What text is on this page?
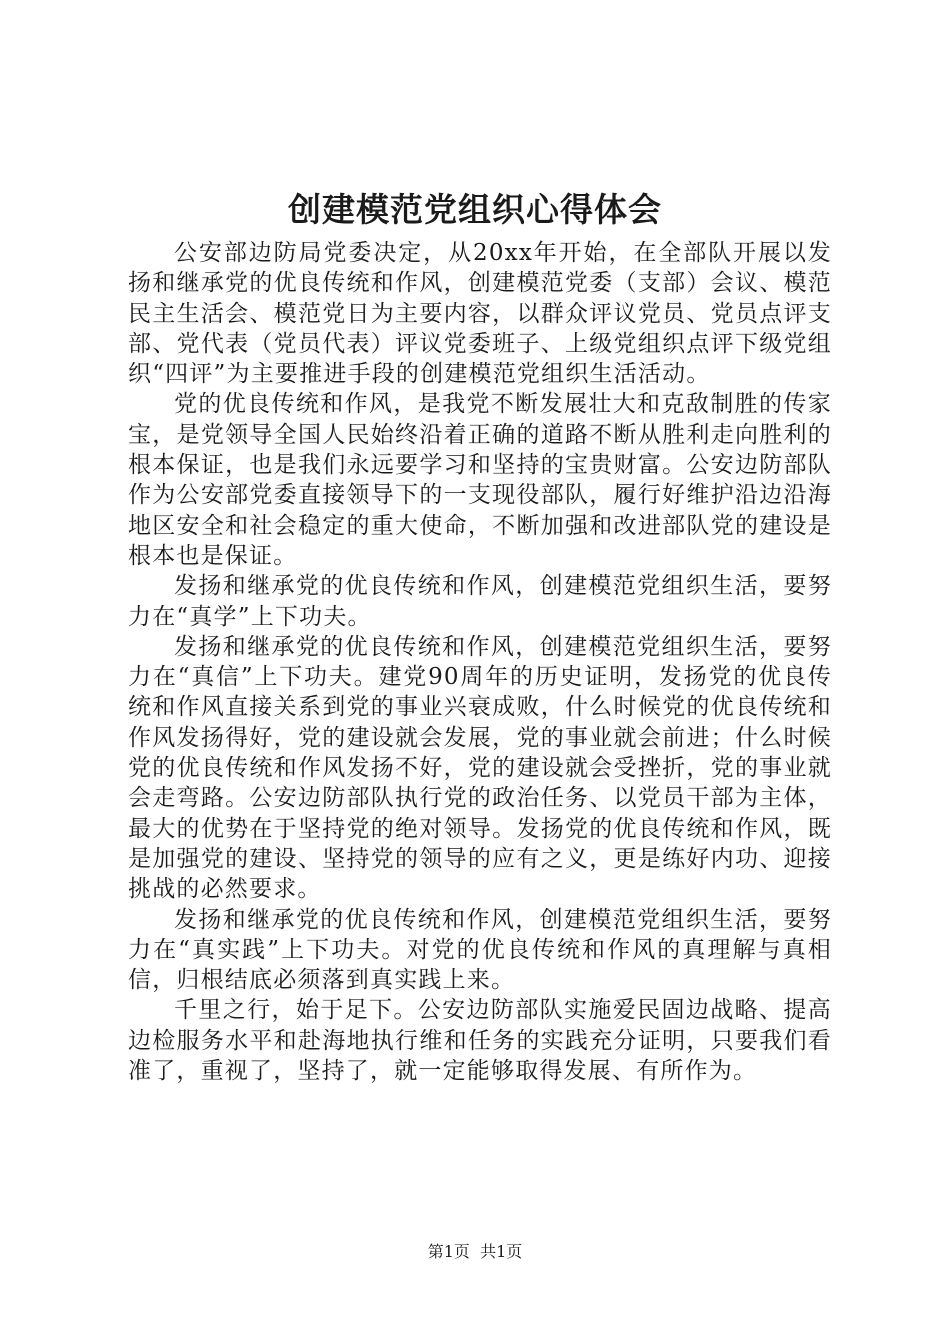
创建模范党组织心得体会

公安部边防局党委决定，从20xx年开始，在全部队开展以发扬和继承党的优良传统和作风，创建模范党委（支部）会议、模范民主生活会、模范党日为主要内容，以群众评议党员、党员点评支部、党代表（党员代表）评议党委班子、上级党组织点评下级党组织“四评”为主要推进手段的创建模范党组织生活活动。

党的优良传统和作风，是我党不断发展壮大和克敌制胜的传家宝，是党领导全国人民始终沿着正确的道路不断从胜利走向胜利的根本保证，也是我们永远要学习和坚持的宝贵财富。公安边防部队作为公安部党委直接领导下的一支现役部队，履行好维护沿边沿海地区安全和社会稳定的重大使命，不断加强和改进部队党的建设是根本也是保证。

发扬和继承党的优良传统和作风，创建模范党组织生活，要努力在“真学”上下功夫。

发扬和继承党的优良传统和作风，创建模范党组织生活，要努力在“真信”上下功夫。建党90周年的历史证明，发扬党的优良传统和作风直接关系到党的事业兴衰成败，什么时候党的优良传统和作风发扬得好，党的建设就会发展，党的事业就会前进；什么时候党的优良传统和作风发扬不好，党的建设就会受挫折，党的事业就会走弯路。公安边防部队执行党的政治任务、以党员干部为主体，最大的优势在于坚持党的绝对领导。发扬党的优良传统和作风，既是加强党的建设、坚持党的领导的应有之义，更是练好内功、迎接挑战的必然要求。

发扬和继承党的优良传统和作风，创建模范党组织生活，要努力在“真实践”上下功夫。对党的优良传统和作风的真理解与真相信，归根结底必须落到真实践上来。

千里之行，始于足下。公安边防部队实施爱民固边战略、提高边检服务水平和赴海地执行维和任务的实践充分证明，只要我们看准了，重视了，坚持了，就一定能够取得发展、有所作为。

第1页  共1页
